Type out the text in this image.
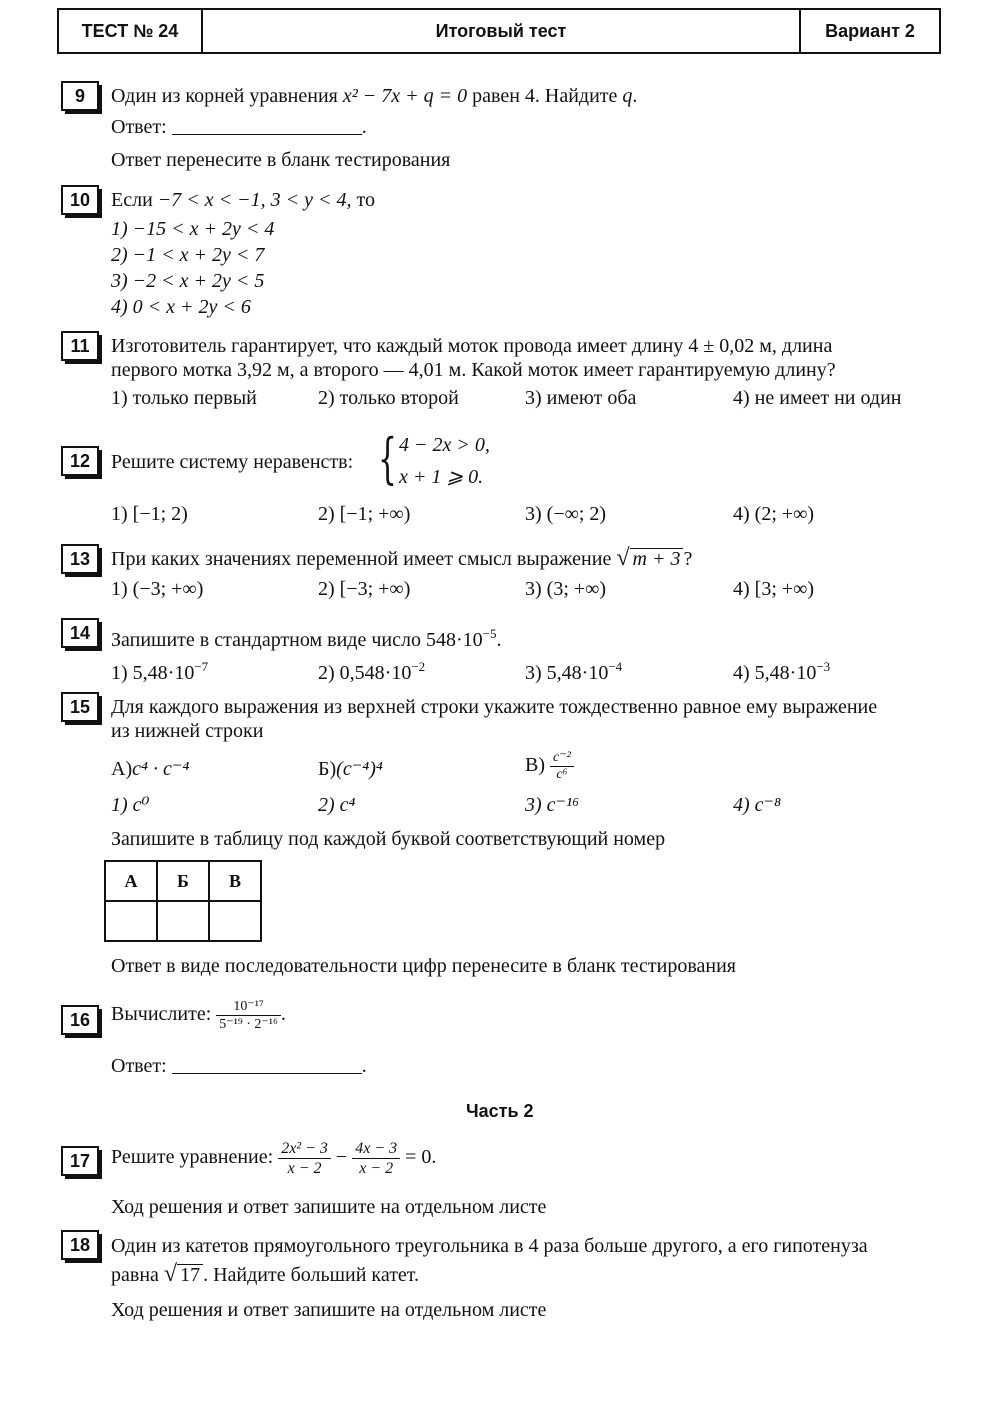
ТЕСТ № 24	Итоговый тест	Вариант 2
9	Один из корней уравнения x² − 7x + q = 0 равен 4. Найдите q.
Ответ:	.
Ответ перенесите в бланк тестирования
10	Если −7 < x < −1, 3 < y < 4, то
1) −15 < x + 2y < 4
2) −1 < x + 2y < 7
3) −2 < x + 2y < 5
4) 0 < x + 2y < 6
11	Изготовитель гарантирует, что каждый моток провода имеет длину 4 ± 0,02 м, длина
первого мотка 3,92 м, а второго — 4,01 м. Какой моток имеет гарантируемую длину?
1) только первый	2) только второй	3) имеют оба	4) не имеет ни один
12	Решите систему неравенств: { 4 − 2x > 0,
x + 1 ⩾ 0.
1) [−1; 2)	2) [−1; +∞)	3) (−∞; 2)	4) (2; +∞)
13	При каких значениях переменной имеет смысл выражение √ m + 3 ?
1) (−3; +∞)	2) [−3; +∞)	3) (3; +∞)	4) [3; +∞)
14	Запишите в стандартном виде число $548\cdot 10^{-5}$.
1) $5,48\cdot 10^{-7}$	2) $0,548\cdot 10^{-2}$	3) $5,48\cdot 10^{-4}$	4) $5,48\cdot 10^{-3}$
15	Для каждого выражения из верхней строки укажите тождественно равное ему выражение
из нижней строки
А)c⁴ · c⁻⁴	Б)(c⁻⁴)⁴	$В) \frac{\text{c⁻²}}{\text{c⁶}}$
1) c⁰	2) c⁴	3) c⁻¹⁶	4) c⁻⁸
Запишите в таблицу под каждой буквой соответствующий номер
А	Б	В

Ответ в виде последовательности цифр перенесите в бланк тестирования
16	Вычислите: $\frac{\text{10⁻¹⁷}}{\text{5⁻¹⁹ · 2⁻¹⁶}}$ .
Ответ:	.
Часть 2
17	Решите уравнение: $\frac{\text{2x² − 3}}{x - 2} - \frac{4x - 3}{x - 2} = 0$.
Ход решения и ответ запишите на отдельном листе
18	Один из катетов прямоугольного треугольника в 4 раза больше другого, а его гипотенуза
равна √ 17 . Найдите больший катет.
Ход решения и ответ запишите на отдельном листе
